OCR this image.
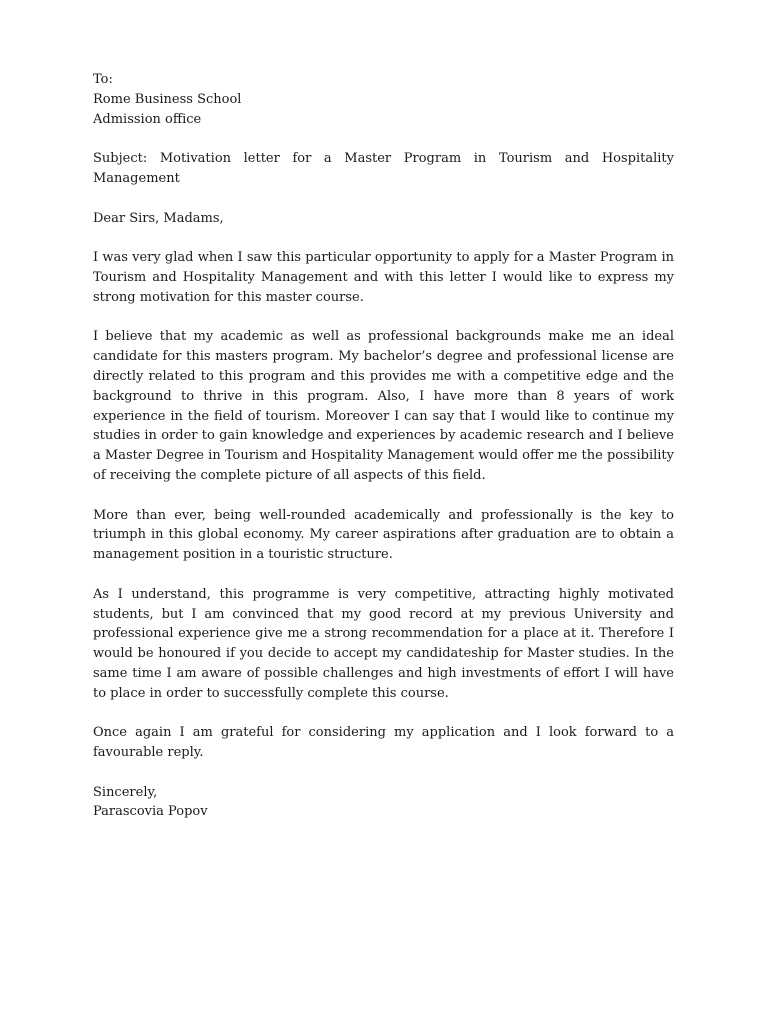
To:
Rome Business School
Admission office

Subject: Motivation letter for a Master Program in Tourism and Hospitality Management

Dear Sirs, Madams,

I was very glad when I saw this particular opportunity to apply for a Master Program in Tourism and Hospitality Management and with this letter I would like to express my strong motivation for this master course.

I believe that my academic as well as professional backgrounds make me an ideal candidate for this masters program. My bachelor’s degree and professional license are directly related to this program and this provides me with a competitive edge and the background to thrive in this program. Also, I have more than 8 years of work experience in the field of tourism. Moreover I can say that I would like to continue my studies in order to gain knowledge and experiences by academic research and I believe a Master Degree in Tourism and Hospitality Management would offer me the possibility of receiving the complete picture of all aspects of this field.

More than ever, being well-rounded academically and professionally is the key to triumph in this global economy. My career aspirations after graduation are to obtain a management position in a touristic structure.

As I understand, this programme is very competitive, attracting highly motivated students, but I am convinced that my good record at my previous University and professional experience give me a strong recommendation for a place at it. Therefore I would be honoured if you decide to accept my candidateship for Master studies. In the same time I am aware of possible challenges and high investments of effort I will have to place in order to successfully complete this course.

Once again I am grateful for considering my application and I look forward to a favourable reply.

Sincerely,
Parascovia Popov
